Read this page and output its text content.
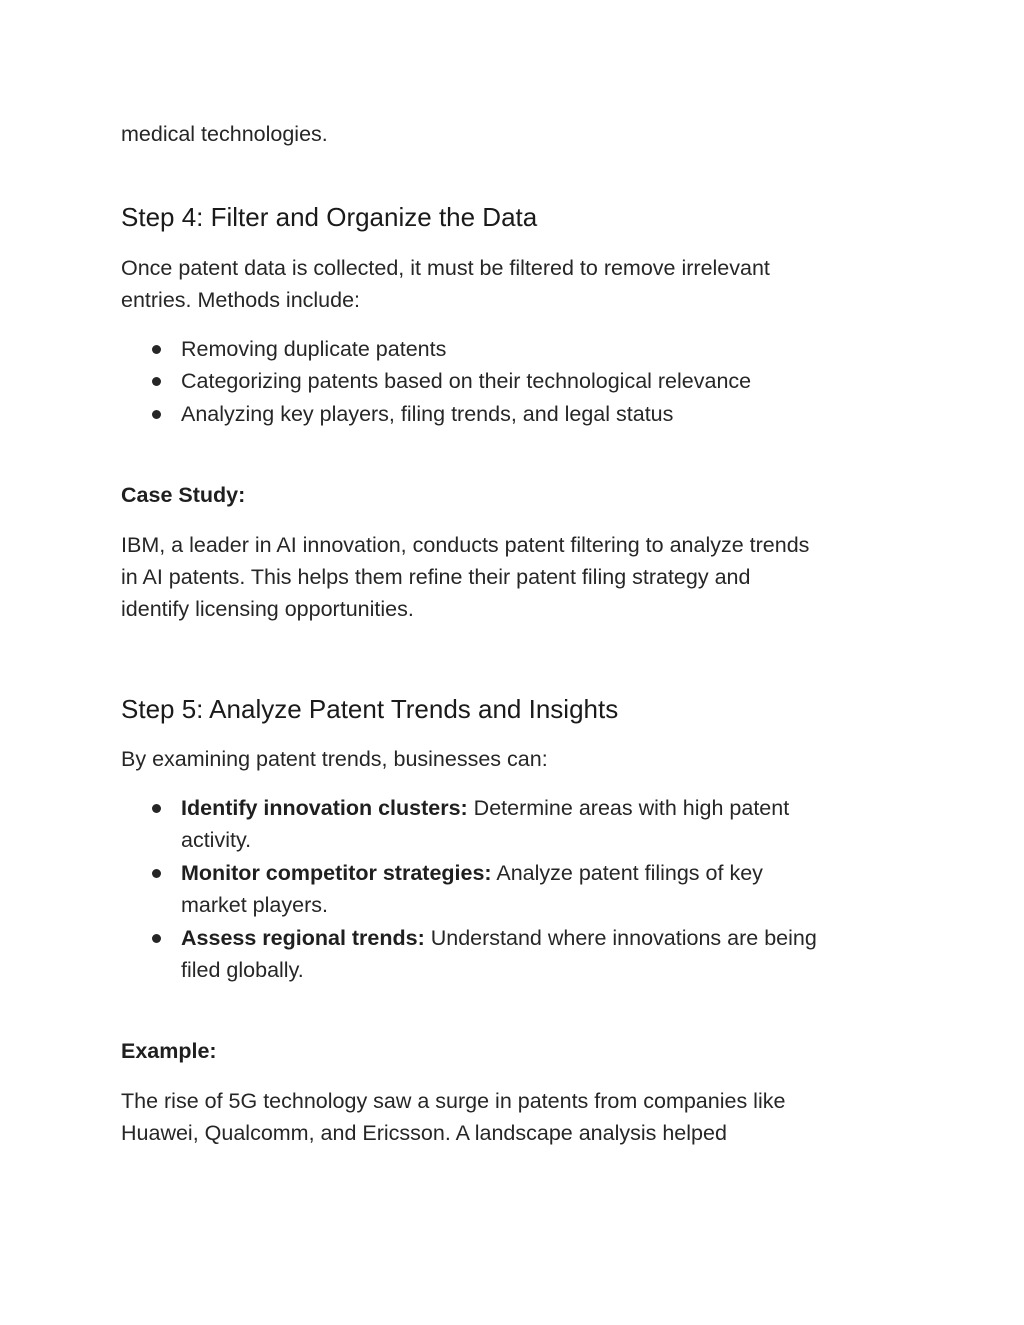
medical technologies.

Step 4: Filter and Organize the Data

Once patent data is collected, it must be filtered to remove irrelevant

entries. Methods include:

Removing duplicate patents
Categorizing patents based on their technological relevance
Analyzing key players, filing trends, and legal status

Case Study:

IBM, a leader in AI innovation, conducts patent filtering to analyze trends

in AI patents. This helps them refine their patent filing strategy and

identify licensing opportunities.

Step 5: Analyze Patent Trends and Insights

By examining patent trends, businesses can:

Identify innovation clusters: Determine areas with high patent
activity.
Monitor competitor strategies: Analyze patent filings of key
market players.
Assess regional trends: Understand where innovations are being
filed globally.

Example:

The rise of 5G technology saw a surge in patents from companies like

Huawei, Qualcomm, and Ericsson. A landscape analysis helped
